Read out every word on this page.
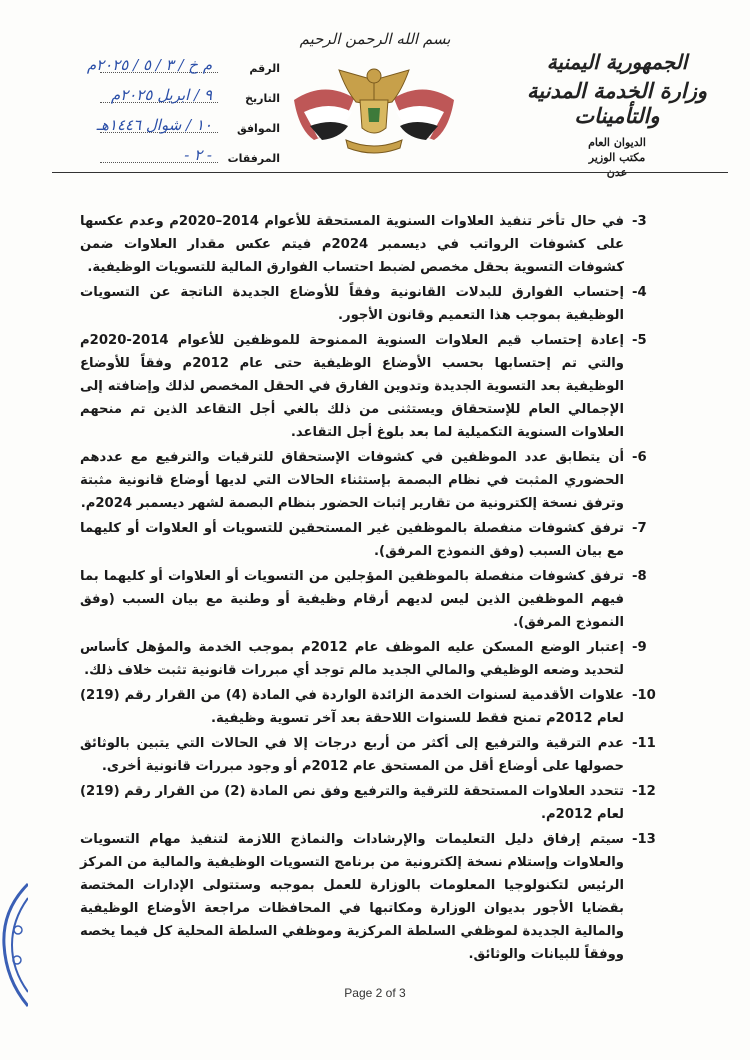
الجمهورية اليمنية
وزارة الخدمة المدنية والتأمينات
الديوان العام
مكتب الوزير
عدن
بسم الله الرحمن الرحيم
الرقم
م خ / ٣ / ٥ / ٢٠٢٥م
التاريخ
٩ / ابريل ٢٠٢٥م
الموافق
١٠ / شوال ١٤٤٦هـ
المرفقات
- ٢ -
-3
في حال تأخر تنفيذ العلاوات السنوية المستحقة للأعوام 2014–2020م وعدم عكسها على كشوفات الرواتب في ديسمبر 2024م فيتم عكس مقدار العلاوات ضمن كشوفات التسوية بحقل مخصص لضبط احتساب الفوارق المالية للتسويات الوظيفية.
-4
إحتساب الفوارق للبدلات القانونية وفقاً للأوضاع الجديدة الناتجة عن التسويات الوظيفية بموجب هذا التعميم وقانون الأجور.
-5
إعادة إحتساب قيم العلاوات السنوية الممنوحة للموظفين للأعوام 2014-2020م والتي تم إحتسابها بحسب الأوضاع الوظيفية حتى عام 2012م وفقاً للأوضاع الوظيفية بعد التسوية الجديدة وتدوين الفارق في الحقل المخصص لذلك وإضافته إلى الإجمالي العام للإستحقاق ويستثنى من ذلك بالغي أجل التقاعد الذين تم منحهم العلاوات السنوية التكميلية لما بعد بلوغ أجل التقاعد.
-6
أن يتطابق عدد الموظفين في كشوفات الإستحقاق للترقيات والترفيع مع عددهم الحضوري المثبت في نظام البصمة بإستثناء الحالات التي لديها أوضاع قانونية مثبتة وترفق نسخة إلكترونية من تقارير إثبات الحضور بنظام البصمة لشهر ديسمبر 2024م.
-7
ترفق كشوفات منفصلة بالموظفين غير المستحقين للتسويات أو العلاوات أو كليهما مع بيان السبب (وفق النموذج المرفق).
-8
ترفق كشوفات منفصلة بالموظفين المؤجلين من التسويات أو العلاوات أو كليهما بما فيهم الموظفين الذين ليس لديهم أرقام وظيفية أو وطنية مع بيان السبب (وفق النموذج المرفق).
-9
إعتبار الوضع المسكن عليه الموظف عام 2012م بموجب الخدمة والمؤهل كأساس لتحديد وضعه الوظيفي والمالي الجديد مالم توجد أي مبررات قانونية تثبت خلاف ذلك.
-10
علاوات الأقدمية لسنوات الخدمة الزائدة الواردة في المادة (4) من القرار رقم (219) لعام 2012م تمنح فقط للسنوات اللاحقة بعد آخر تسوية وظيفية.
-11
عدم الترقية والترفيع إلى أكثر من أربع درجات إلا في الحالات التي يتبين بالوثائق حصولها على أوضاع أقل من المستحق عام 2012م أو وجود مبررات قانونية أخرى.
-12
تتحدد العلاوات المستحقة للترقية والترفيع وفق نص المادة (2) من القرار رقم (219) لعام 2012م.
-13
سيتم إرفاق دليل التعليمات والإرشادات والنماذج اللازمة لتنفيذ مهام التسويات والعلاوات وإستلام نسخة إلكترونية من برنامج التسويات الوظيفية والمالية من المركز الرئيس لتكنولوجيا المعلومات بالوزارة للعمل بموجبه وستتولى الإدارات المختصة بقضايا الأجور بديوان الوزارة ومكاتبها في المحافظات مراجعة الأوضاع الوظيفية والمالية الجديدة لموظفي السلطة المركزية وموظفي السلطة المحلية كل فيما يخصه ووفقاً للبيانات والوثائق.
Page 2 of 3
